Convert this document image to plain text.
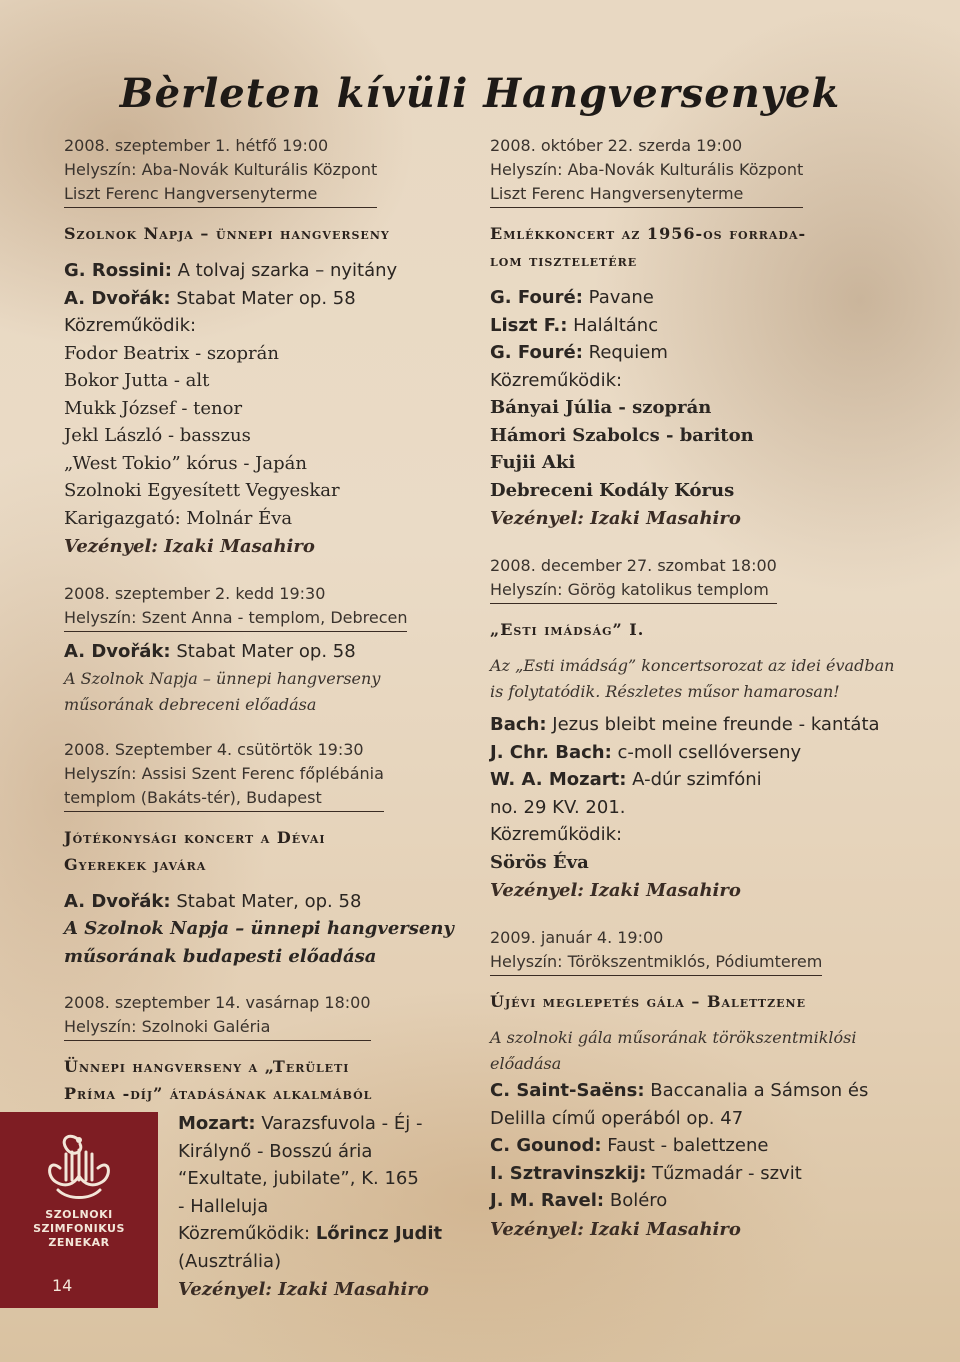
Bèrleten kívüli Hangversenyek
2008. szeptember 1. hétfő 19:00
Helyszín: Aba-Novák Kulturális Központ
Liszt Ferenc Hangversenyterme
Szolnok Napja – ünnepi hangverseny
G. Rossini: A tolvaj szarka – nyitány
A. Dvořák: Stabat Mater op. 58
Közreműködik:
Fodor Beatrix - szoprán
Bokor Jutta - alt
Mukk József - tenor
Jekl László - basszus
„West Tokio” kórus - Japán
Szolnoki Egyesített Vegyeskar
Karigazgató: Molnár Éva
Vezényel: Izaki Masahiro
2008. szeptember 2. kedd 19:30
Helyszín: Szent Anna - templom, Debrecen
A. Dvořák: Stabat Mater op. 58
A Szolnok Napja – ünnepi hangverseny
műsorának debreceni előadása
2008. Szeptember 4. csütörtök 19:30
Helyszín: Assisi Szent Ferenc főplébánia
templom (Bakáts-tér), Budapest
Jótékonysági koncert a Dévai
Gyerekek javára
A. Dvořák: Stabat Mater, op. 58
A Szolnok Napja – ünnepi hangverseny
műsorának budapesti előadása
2008. szeptember 14. vasárnap 18:00
Helyszín: Szolnoki Galéria
Ünnepi hangverseny a „Területi
Príma -díj” átadásának alkalmából
Mozart: Varazsfuvola - Éj -
Királynő - Bosszú ária
“Exultate, jubilate”, K. 165
- Halleluja
Közreműködik: Lőrincz Judit
(Ausztrália)
Vezényel: Izaki Masahiro
2008. október 22. szerda 19:00
Helyszín: Aba-Novák Kulturális Központ
Liszt Ferenc Hangversenyterme
Emlékkoncert az 1956-os forrada-
lom tiszteletére
G. Fouré: Pavane
Liszt F.: Haláltánc
G. Fouré: Requiem
Közreműködik:
Bányai Júlia - szoprán
Hámori Szabolcs - bariton
Fujii Aki
Debreceni Kodály Kórus
Vezényel: Izaki Masahiro
2008. december 27. szombat 18:00
Helyszín: Görög katolikus templom
„Esti imádság” I.
Az „Esti imádság” koncertsorozat az idei évadban
is folytatódik. Részletes műsor hamarosan!
Bach: Jezus bleibt meine freunde - kantáta
J. Chr. Bach: c-moll csellóverseny
W. A. Mozart: A-dúr szimfóni
no. 29 KV. 201.
Közreműködik:
Sörös Éva
Vezényel: Izaki Masahiro
2009. január 4. 19:00
Helyszín: Törökszentmiklós, Pódiumterem
Újévi meglepetés gála – Balettzene
A szolnoki gála műsorának törökszentmiklósi
előadása
C. Saint-Saëns: Baccanalia a Sámson és
Delilla című operából op. 47
C. Gounod: Faust - balettzene
I. Sztravinszkij: Tűzmadár - szvit
J. M. Ravel: Boléro
Vezényel: Izaki Masahiro
SZOLNOKI
SZIMFONIKUS
ZENEKAR
14
